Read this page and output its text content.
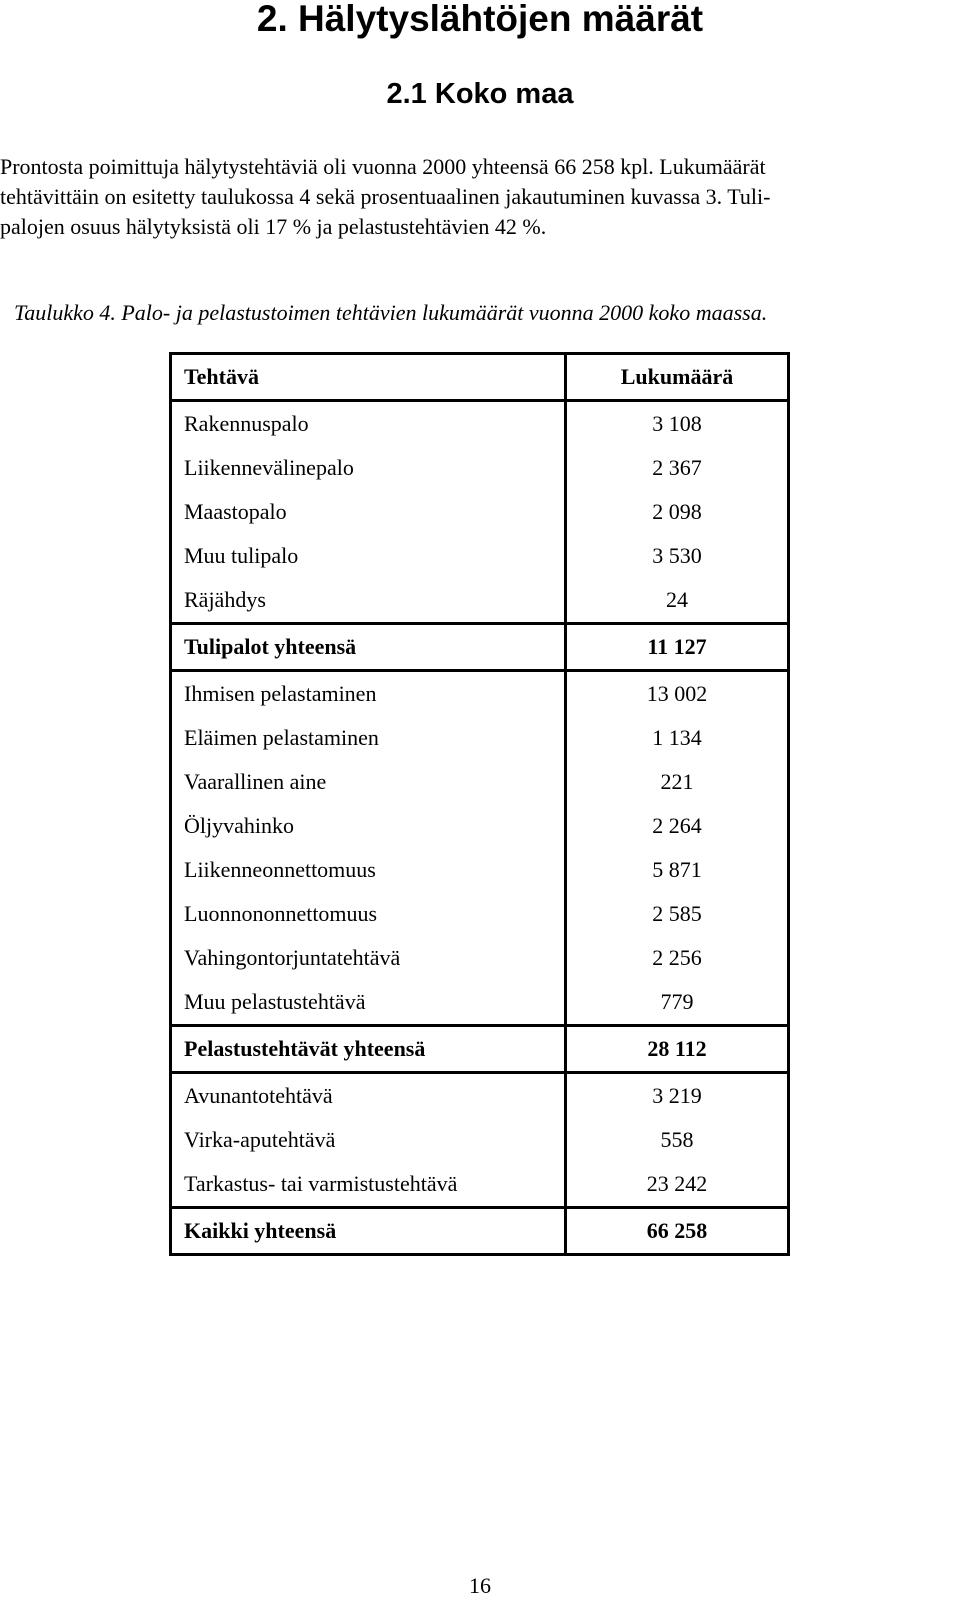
2. Hälytyslähtöjen määrät
2.1 Koko maa

Prontosta poimittuja hälytystehtäviä oli vuonna 2000 yhteensä 66 258 kpl. Lukumäärät
tehtävittäin on esitetty taulukossa 4 sekä prosentuaalinen jakautuminen kuvassa 3. Tuli-
palojen osuus hälytyksistä oli 17 % ja pelastustehtävien 42 %.

Taulukko 4. Palo- ja pelastustoimen tehtävien lukumäärät vuonna 2000 koko maassa.

Tehtävä	Lukumäärä
Rakennuspalo	3 108
Liikennevälinepalo	2 367
Maastopalo	2 098
Muu tulipalo	3 530
Räjähdys	24
Tulipalot yhteensä	11 127
Ihmisen pelastaminen	13 002
Eläimen pelastaminen	1 134
Vaarallinen aine	221
Öljyvahinko	2 264
Liikenneonnettomuus	5 871
Luonnononnettomuus	2 585
Vahingontorjuntatehtävä	2 256
Muu pelastustehtävä	779
Pelastustehtävät yhteensä	28 112
Avunantotehtävä	3 219
Virka-aputehtävä	558
Tarkastus- tai varmistustehtävä	23 242
Kaikki yhteensä	66 258
16
